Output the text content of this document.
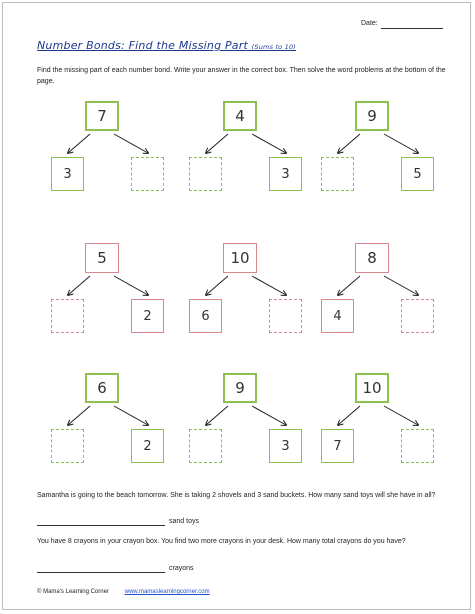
Date:
Number Bonds: Find the Missing Part (Sums to 10)
Find the missing part of each number bond. Write your answer in the correct box. Then solve the word problems at the bottom of the page.
7
3
4
3
9
5
5
2
10
6
8
4
6
2
9
3
10
7
Samantha is going to the beach tomorrow. She is taking 2 shovels and 3 sand buckets. How many sand toys will she have in all?
sand toys
You have 8 crayons in your crayon box. You find two more crayons in your desk. How many total crayons do you have?
crayons
© Mama's Learning Corner	www.mamaslearningcorner.com
